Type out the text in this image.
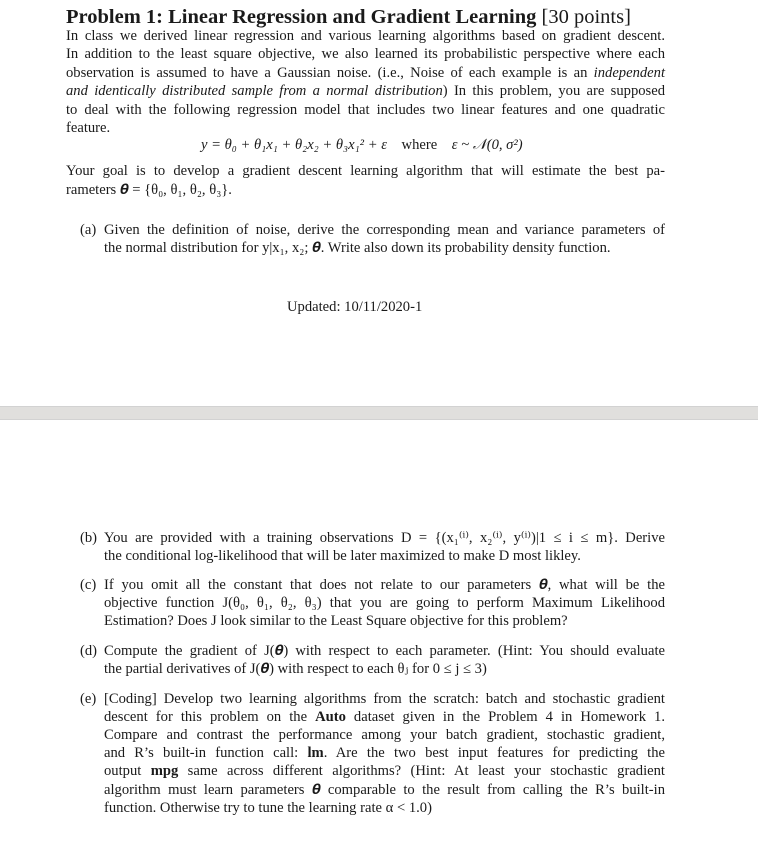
Problem 1: Linear Regression and Gradient Learning [30 points]
In class we derived linear regression and various learning algorithms based on gradient descent.
In addition to the least square objective, we also learned its probabilistic perspective where each
observation is assumed to have a Gaussian noise. (i.e., Noise of each example is an independent
and identically distributed sample from a normal distribution) In this problem, you are supposed
to deal with the following regression model that includes two linear features and one quadratic
feature.
y = θ₀ + θ₁x₁ + θ₂x₂ + θ₃x₁² + ε where ε ~ 𝒩(0, σ²)
Your goal is to develop a gradient descent learning algorithm that will estimate the best pa-
rameters 𝜽 = {θ₀, θ₁, θ₂, θ₃}.
(a) Given the definition of noise, derive the corresponding mean and variance parameters of
the normal distribution for y|x₁, x₂; 𝜽. Write also down its probability density function.
Updated: 10/11/2020-1
(b) You are provided with a training observations D = {(x₁⁽ⁱ⁾, x₂⁽ⁱ⁾, y⁽ⁱ⁾)|1 ≤ i ≤ m}. Derive
the conditional log-likelihood that will be later maximized to make D most likley.
(c) If you omit all the constant that does not relate to our parameters 𝜽, what will be the
objective function J(θ₀, θ₁, θ₂, θ₃) that you are going to perform Maximum Likelihood
Estimation? Does J look similar to the Least Square objective for this problem?
(d) Compute the gradient of J(𝜽) with respect to each parameter. (Hint: You should evaluate
the partial derivatives of J(𝜽) with respect to each θⱼ for 0 ≤ j ≤ 3)
(e) [Coding] Develop two learning algorithms from the scratch: batch and stochastic gradient
descent for this problem on the Auto dataset given in the Problem 4 in Homework 1.
Compare and contrast the performance among your batch gradient, stochastic gradient,
and R’s built-in function call: lm. Are the two best input features for predicting the
output mpg same across different algorithms? (Hint: At least your stochastic gradient
algorithm must learn parameters 𝜽 comparable to the result from calling the R’s built-in
function. Otherwise try to tune the learning rate α < 1.0)
